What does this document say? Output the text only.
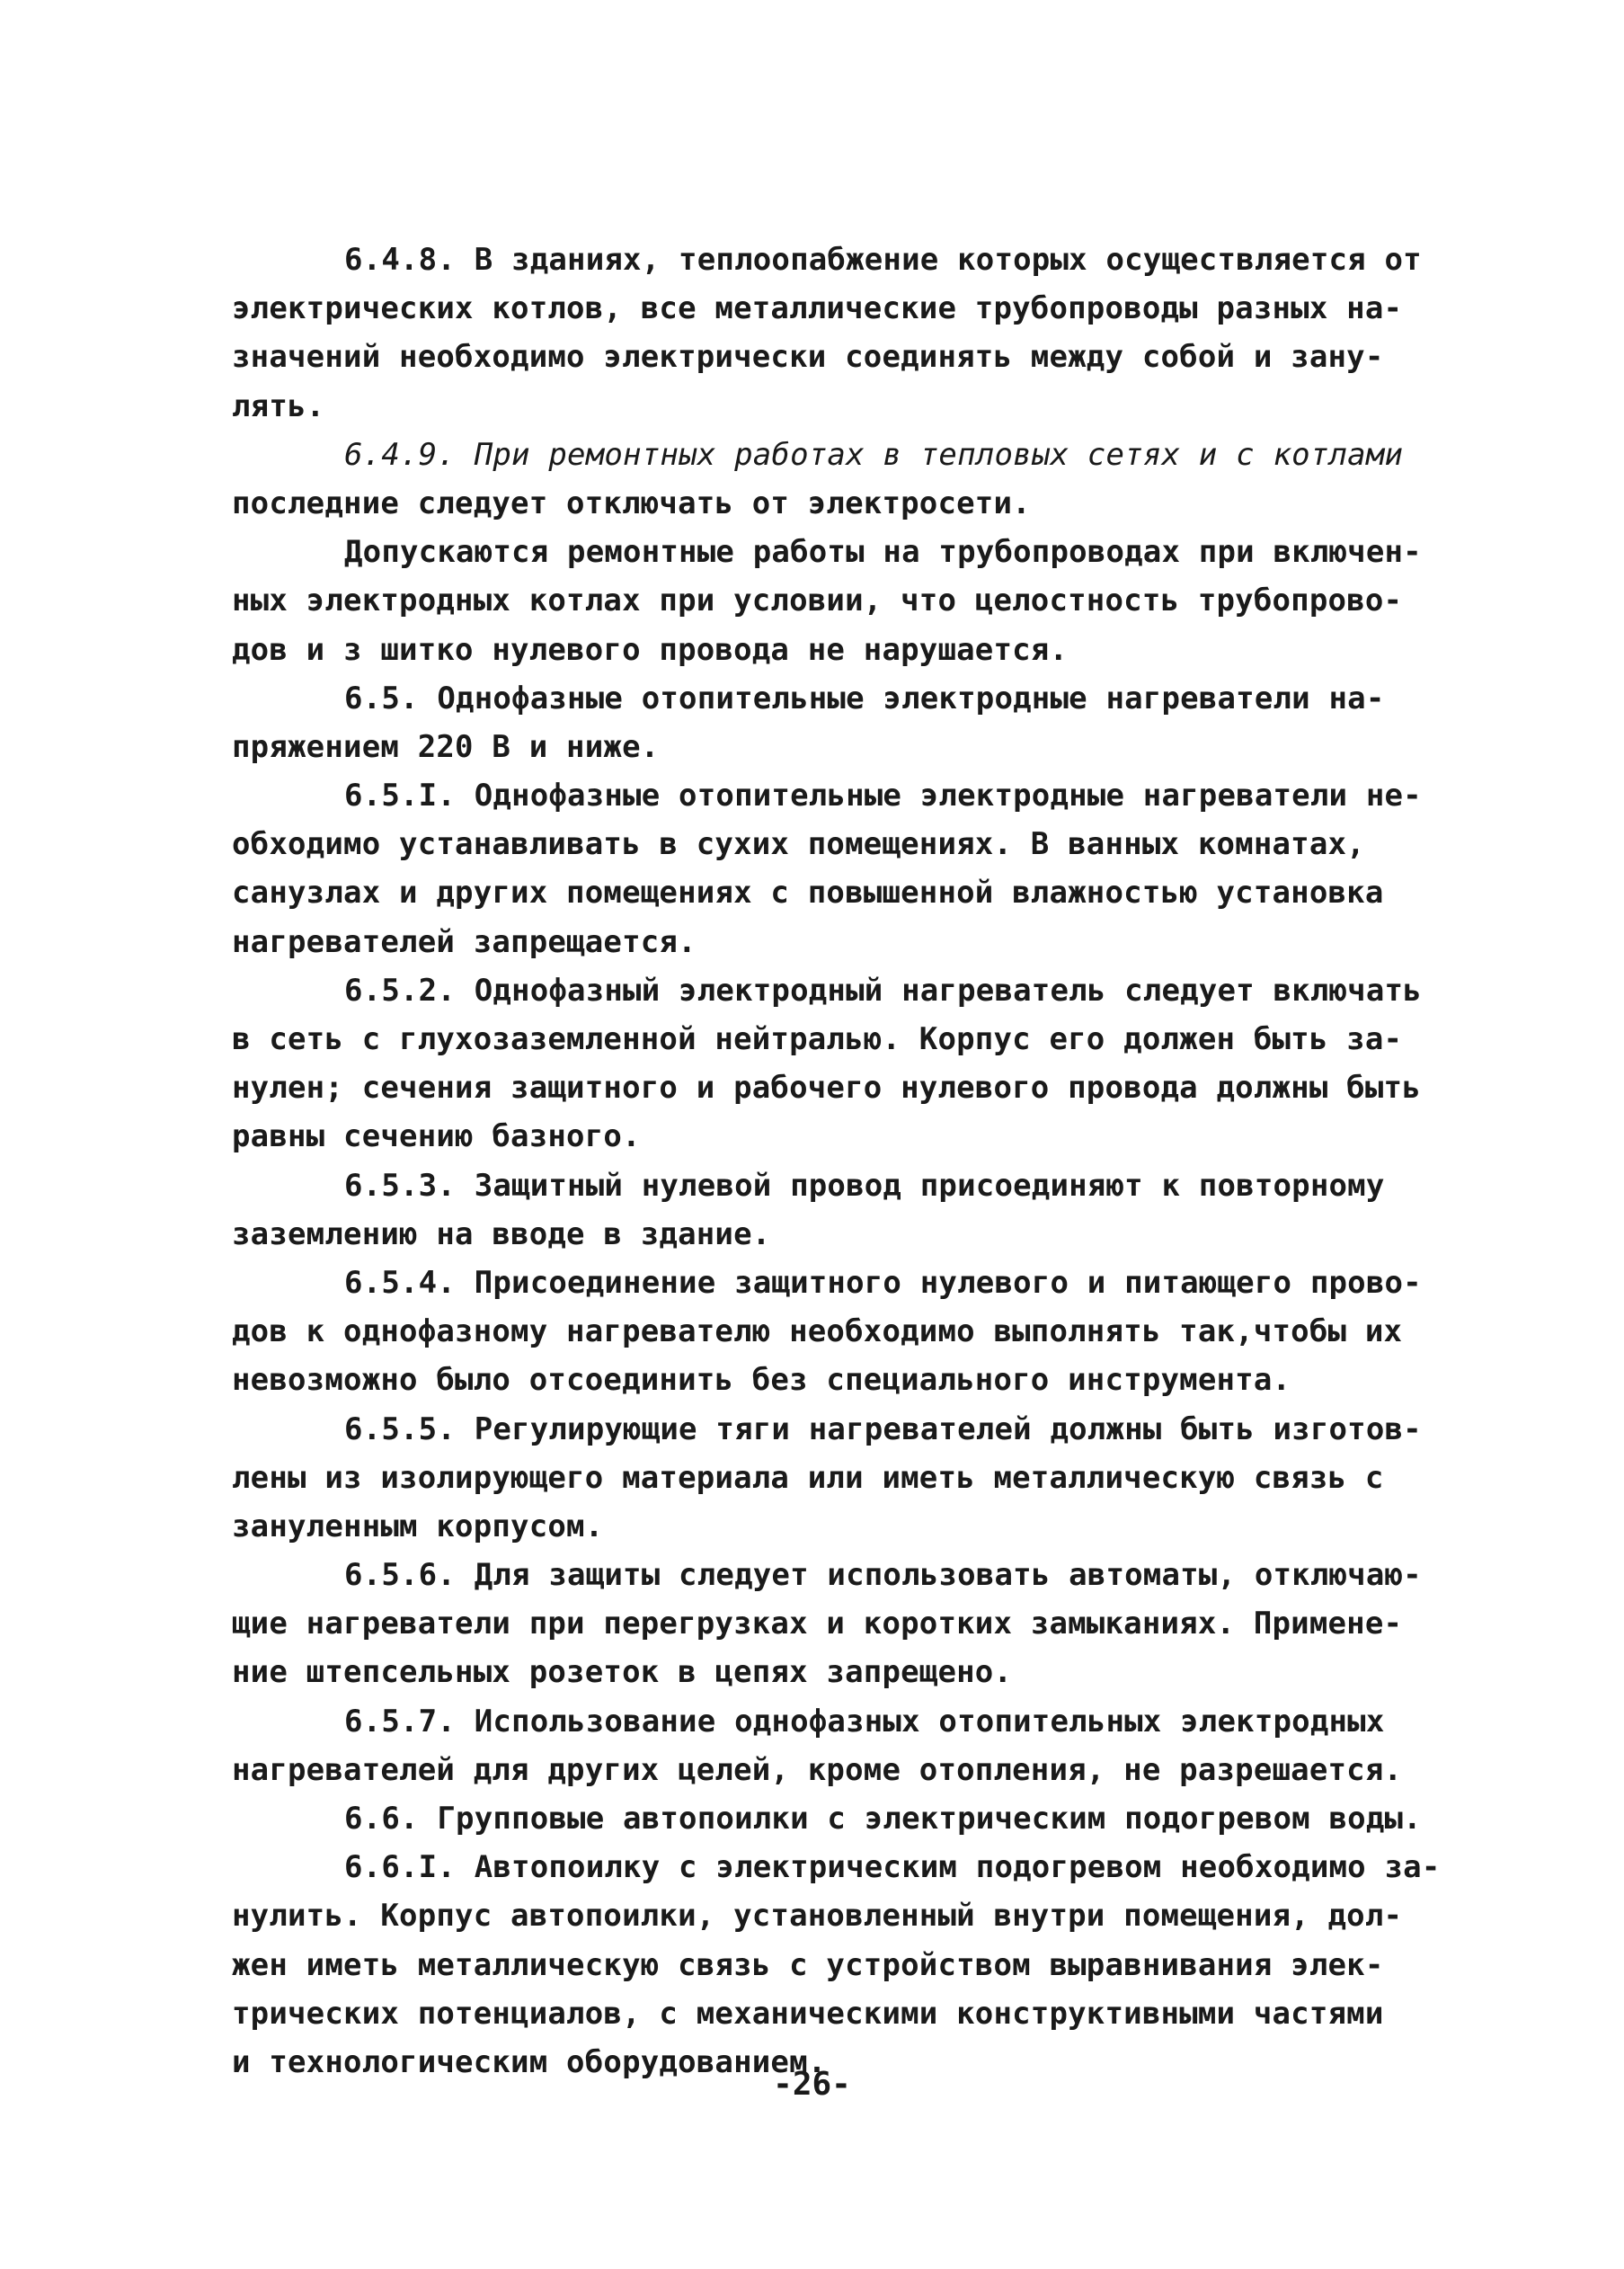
6.4.8. В зданиях, теплоопабжение которых осуществляется от
электрических котлов, все металлические трубопроводы разных на-
значений необходимо электрически соединять между собой и зану-
лять.
6.4.9. При ремонтных работах в тепловых сетях и с котлами
последние следует отключать от электросети.
Допускаются ремонтные работы на трубопроводах при включен-
ных электродных котлах при условии, что целостность трубопрово-
дов и з шитко нулевого провода не нарушается.
6.5. Однофазные отопительные электродные нагреватели на-
пряжением 220 В и ниже.
6.5.I. Однофазные отопительные электродные нагреватели не-
обходимо устанавливать в сухих помещениях. В ванных комнатах,
санузлах и других помещениях с повышенной влажностью установка
нагревателей запрещается.
6.5.2. Однофазный электродный нагреватель следует включать
в сеть с глухозаземленной нейтралью. Корпус его должен быть за-
нулен; сечения защитного и рабочего нулевого провода должны быть
равны сечению базного.
6.5.3. Защитный нулевой провод присоединяют к повторному
заземлению на вводе в здание.
6.5.4. Присоединение защитного нулевого и питающего прово-
дов к однофазному нагревателю необходимо выполнять так,чтобы их
невозможно было отсоединить без специального инструмента.
6.5.5. Регулирующие тяги нагревателей должны быть изготов-
лены из изолирующего материала или иметь металлическую связь с
зануленным корпусом.
6.5.6. Для защиты следует использовать автоматы, отключаю-
щие нагреватели при перегрузках и коротких замыканиях. Примене-
ние штепсельных розеток в цепях запрещено.
6.5.7. Использование однофазных отопительных электродных
нагревателей для других целей, кроме отопления, не разрешается.
6.6. Групповые автопоилки с электрическим подогревом воды.
6.6.I. Автопоилку с электрическим подогревом необходимо за-
нулить. Корпус автопоилки, установленный внутри помещения, дол-
жен иметь металлическую связь с устройством выравнивания элек-
трических потенциалов, с механическими конструктивными частями
и технологическим оборудованием.
-26-
